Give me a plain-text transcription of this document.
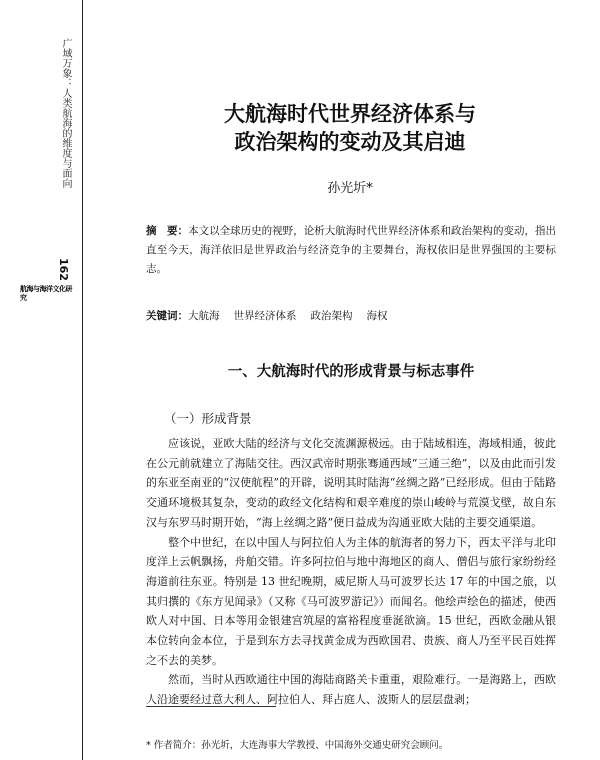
广域万象：人类航海的维度与面向
162
航海与海洋文化研究
大航海时代世界经济体系与
政治架构的变动及其启迪
孙光圻*
摘　要：本文以全球历史的视野，论析大航海时代世界经济体系和政治架构的变动，指出直至今天，海洋依旧是世界政治与经济竞争的主要舞台，海权依旧是世界强国的主要标志。
关键词：大航海 世界经济体系 政治架构 海权
一、大航海时代的形成背景与标志事件
（一）形成背景

应该说，亚欧大陆的经济与文化交流渊源极远。由于陆域相连，海域相通，彼此在公元前就建立了海陆交往。西汉武帝时期张骞通西域“三通三绝”，以及由此而引发的东亚至南亚的“汉使航程”的开辟，说明其时陆海“丝绸之路”已经形成。但由于陆路交通环境极其复杂，变动的政经文化结构和艰辛难度的崇山峻岭与荒漠戈壁，故自东汉与东罗马时期开始，“海上丝绸之路”便日益成为沟通亚欧大陆的主要交通渠道。

整个中世纪，在以中国人与阿拉伯人为主体的航海者的努力下，西太平洋与北印度洋上云帆飘扬，舟舶交错。许多阿拉伯与地中海地区的商人、僧侣与旅行家纷纷经海道前往东亚。特别是 13 世纪晚期，威尼斯人马可波罗长达 17 年的中国之旅，以其归撰的《东方见闻录》（又称《马可波罗游记》）而闻名。他绘声绘色的描述，使西欧人对中国、日本等用金银建宫筑屋的富裕程度垂涎欲滴。15 世纪，西欧金融从银本位转向金本位，于是到东方去寻找黄金成为西欧国君、贵族、商人乃至平民百姓挥之不去的美梦。

然而，当时从西欧通往中国的海陆商路关卡重重，艰险难行。一是海路上，西欧人沿途要经过意大利人、阿拉伯人、拜占庭人、波斯人的层层盘剥；

* 作者简介：孙光圻，大连海事大学教授、中国海外交通史研究会顾问。
